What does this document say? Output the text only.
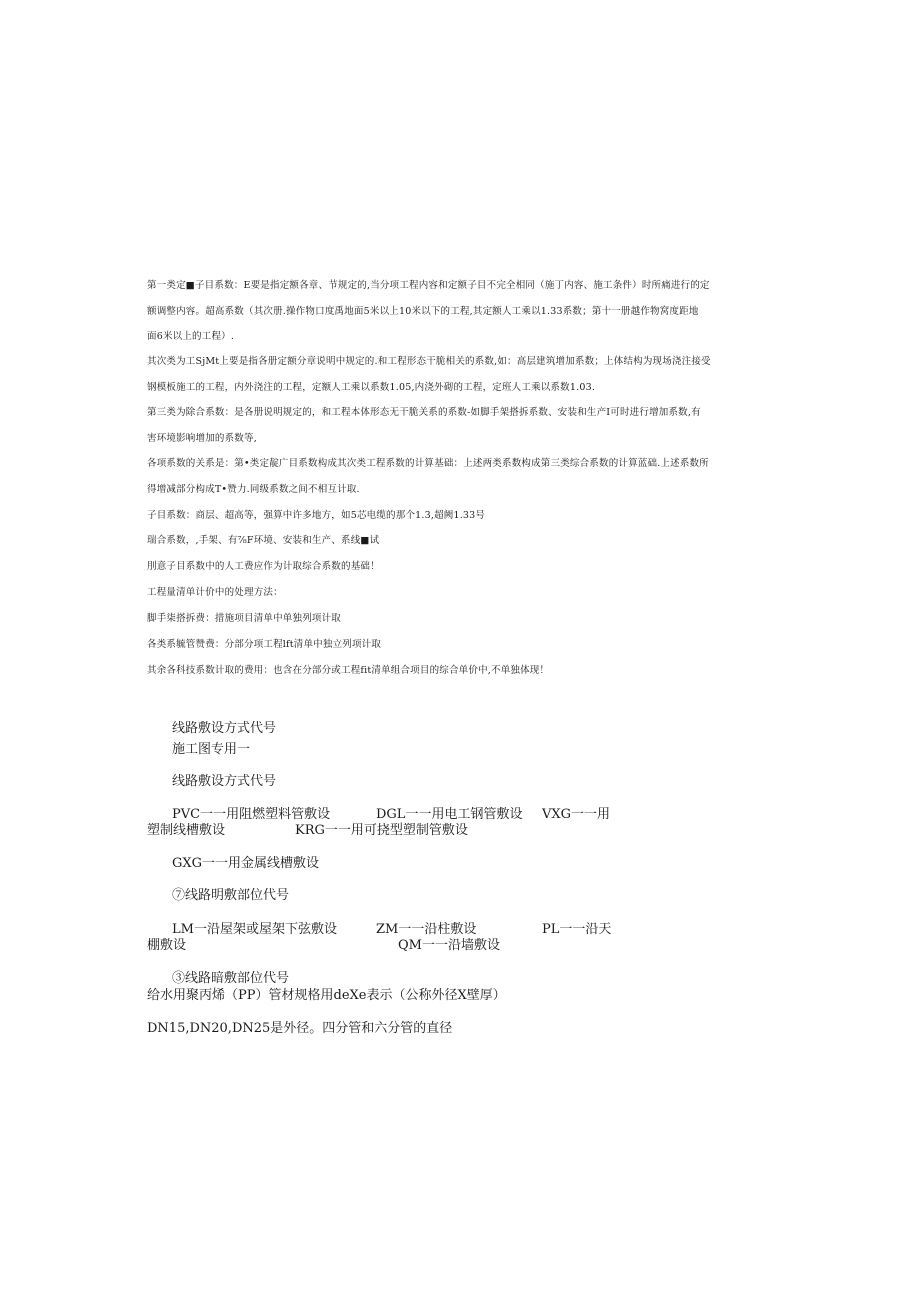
第一类定■子目系数：E要是指定额各章、节规定的,当分项工程内容和定额子目不完全相同（施丁内容、施工条件）时所痛进行的定

额调整内容。超高系数（其次册.操作物口度禹地面5米以上10米以下的工程,其定额人工乘以1.33系数；第十一册越作物窝度距地

面6米以上的工程）.

其次类为工SjMt上要是指各册定额分章说明中规定的.和工程形态干脆相关的系数,如：高层建筑增加系数；上体结构为现场浇注接受

钢模板施工的工程，内外浇注的工程，定额人工乘以系数1.05,内浇外砌的工程，定班人工乘以系数1.03.

第三类为除合系数：是各册说明规定的，和工程本体形态无干脆关系的系数-如脚手架搭拆系数、安装和生产I可时进行增加系数,有

害环境影响增加的系数等,

各项系数的关系是：第•类定靛广目系数构成其次类工程系数的计算基础：上述两类系数构成第三类综合系数的计算蓝础.上述系数所

得增减部分构成T•赞力.同级系数之间不相互计取.

子目系数：商层、超高等，强算中许多地方，如5芯电缆的那个1.3,超阙1.33号

瑞合系数，,手架、有⅞F环境、安装和生产、系线■试

刖意子目系数中的人工费应作为计取综合系数的基础！

工程量清单计价中的处理方法：

脚手柒搭拆费：措施项目清单中单独列项计取

各类系毓管赞费：分部分项工程lft清单中独立列项计取

其余各科技系数计取的费用：也含在分部分或工程fit清单组合项目的综合单价中,不单独体现！

线路敷设方式代号

施工图专用一

线路敷设方式代号

PVC一一用阻燃塑料管敷设	DGL一一用电工钢管敷设 VXG一一用

塑制线槽敷设	KRG一一用可挠型塑制管敷设

GXG一一用金属线槽敷设

⑦线路明敷部位代号

LM一沿屋架或屋架下弦敷设	ZM一一沿柱敷设	PL一一沿天

棚敷设	QM一一沿墙敷设

③线路暗敷部位代号

给水用聚丙烯（PP）管材规格用deXe表示（公称外径X壁厚）

DN15,DN20,DN25是外径。四分管和六分管的直径
